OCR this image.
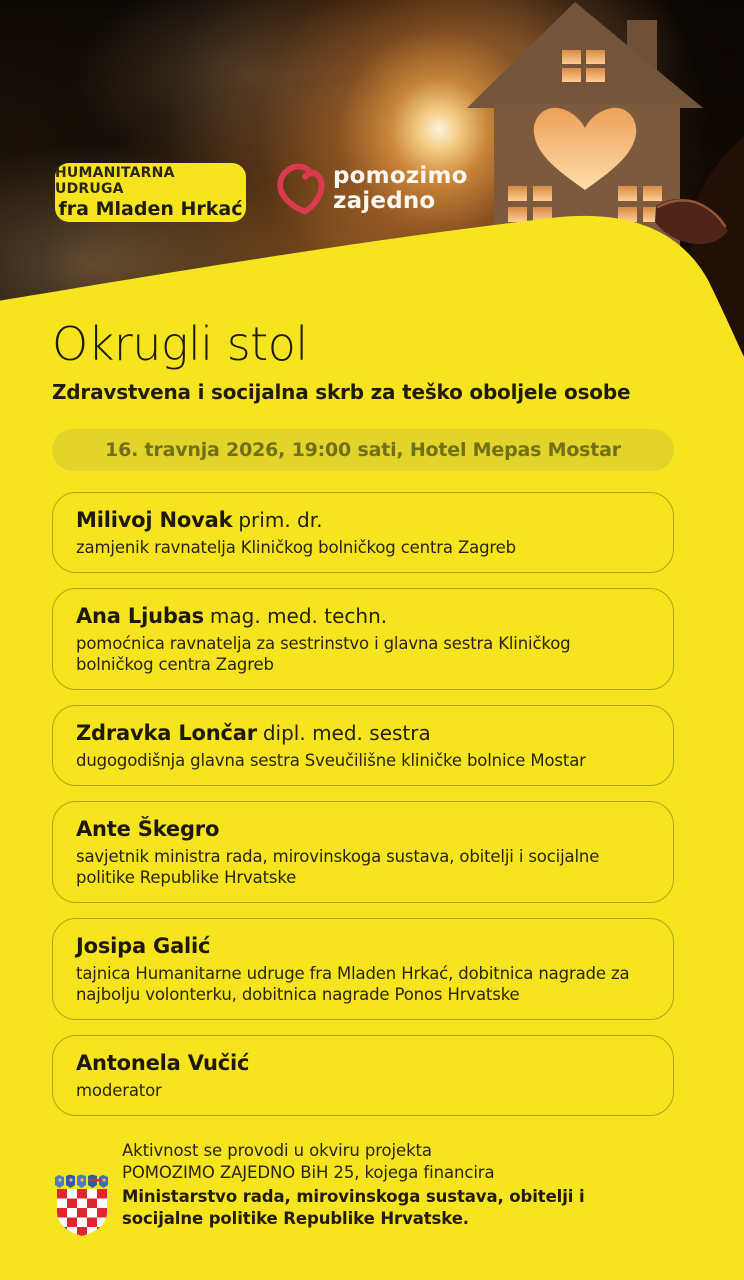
HUMANITARNA UDRUGA
fra Mladen Hrkać
pomozimo
zajedno
Okrugli stol
Zdravstvena i socijalna skrb za teško oboljele osobe
16. travnja 2026, 19:00 sati, Hotel Mepas Mostar
Milivoj Novak prim. dr.

zamjenik ravnatelja Kliničkog bolničkog centra Zagreb

Ana Ljubas mag. med. techn.

pomoćnica ravnatelja za sestrinstvo i glavna sestra Kliničkog bolničkog centra Zagreb

Zdravka Lončar dipl. med. sestra

dugogodišnja glavna sestra Sveučilišne kliničke bolnice Mostar

Ante Škegro

savjetnik ministra rada, mirovinskoga sustava, obitelji i socijalne politike Republike Hrvatske

Josipa Galić

tajnica Humanitarne udruge fra Mladen Hrkać, dobitnica nagrade za najbolju volonterku, dobitnica nagrade Ponos Hrvatske

Antonela Vučić

moderator

Aktivnost se provodi u okviru projekta
POMOZIMO ZAJEDNO BiH 25, kojega financira
Ministarstvo rada, mirovinskoga sustava, obitelji i socijalne politike Republike Hrvatske.
